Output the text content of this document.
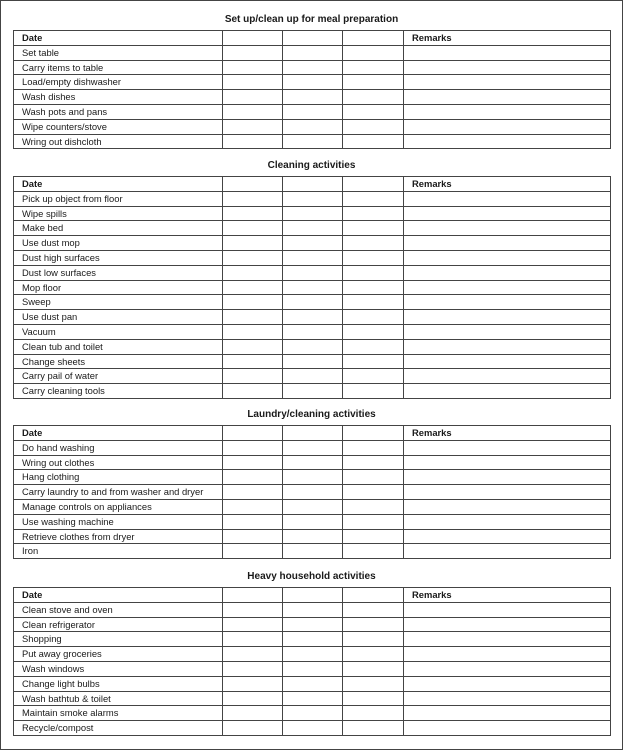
Set up/clean up for meal preparation
Date				Remarks
Set table				
Carry items to table				
Load/empty dishwasher				
Wash dishes				
Wash pots and pans				
Wipe counters/stove				
Wring out dishcloth				
Cleaning activities
Date				Remarks
Pick up object from floor				
Wipe spills				
Make bed				
Use dust mop				
Dust high surfaces				
Dust low surfaces				
Mop floor				
Sweep				
Use dust pan				
Vacuum				
Clean tub and toilet				
Change sheets				
Carry pail of water				
Carry cleaning tools				
Laundry/cleaning activities
Date				Remarks
Do hand washing				
Wring out clothes				
Hang clothing				
Carry laundry to and from washer and dryer				
Manage controls on appliances				
Use washing machine				
Retrieve clothes from dryer				
Iron				
Heavy household activities
Date				Remarks
Clean stove and oven				
Clean refrigerator				
Shopping				
Put away groceries				
Wash windows				
Change light bulbs				
Wash bathtub & toilet				
Maintain smoke alarms				
Recycle/compost				
